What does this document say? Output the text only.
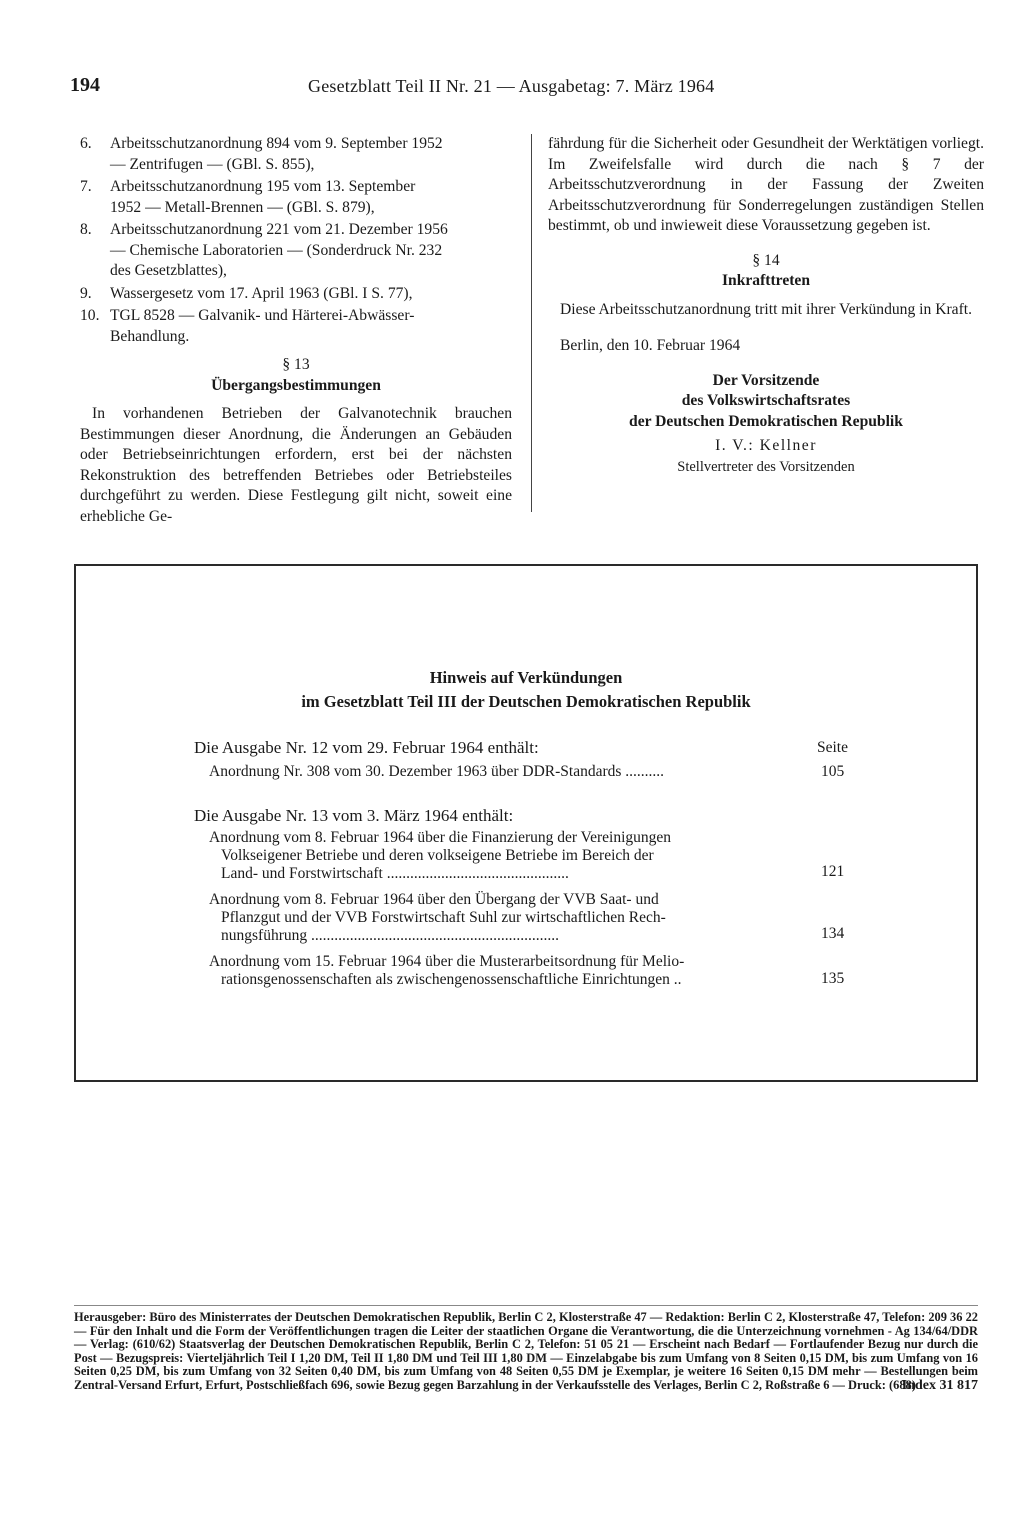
194	Gesetzblatt Teil II Nr. 21 — Ausgabetag: 7. März 1964
6.	Arbeitsschutzanordnung 894 vom 9. September 1952
— Zentrifugen — (GBl. S. 855),
7.	Arbeitsschutzanordnung 195 vom 13. September
1952 — Metall-Brennen — (GBl. S. 879),
8.	Arbeitsschutzanordnung 221 vom 21. Dezember 1956
— Chemische Laboratorien — (Sonderdruck Nr. 232
des Gesetzblattes),
9.	Wassergesetz vom 17. April 1963 (GBl. I S. 77),
10. TGL 8528 — Galvanik- und Härterei-Abwässer-
Behandlung.
§ 13
Übergangsbestimmungen

In vorhandenen Betrieben der Galvanotechnik brauchen Bestimmungen dieser Anordnung, die Änderungen an Gebäuden oder Betriebseinrichtungen erfordern, erst bei der nächsten Rekonstruktion des betreffenden Betriebes oder Betriebsteiles durchgeführt zu werden. Diese Festlegung gilt nicht, soweit eine erhebliche Ge-

fährdung für die Sicherheit oder Gesundheit der Werktätigen vorliegt. Im Zweifelsfalle wird durch die nach § 7 der Arbeitsschutzverordnung in der Fassung der Zweiten Arbeitsschutzverordnung für Sonderregelungen zuständigen Stellen bestimmt, ob und inwieweit diese Voraussetzung gegeben ist.

§ 14
Inkrafttreten

Diese Arbeitsschutzanordnung tritt mit ihrer Verkündung in Kraft.

Berlin, den 10. Februar 1964

Der Vorsitzende
des Volkswirtschaftsrates
der Deutschen Demokratischen Republik
I. V.: Kellner
Stellvertreter des Vorsitzenden
Hinweis auf Verkündungen
im Gesetzblatt Teil III der Deutschen Demokratischen Republik
Seite
Die Ausgabe Nr. 12 vom 29. Februar 1964 enthält:
Anordnung Nr. 308 vom 30. Dezember 1963 über DDR-Standards ..........	105
Die Ausgabe Nr. 13 vom 3. März 1964 enthält:
Anordnung vom 8. Februar 1964 über die Finanzierung der Vereinigungen
Volkseigener Betriebe und deren volkseigene Betriebe im Bereich der
Land- und Forstwirtschaft ...............................................	121
Anordnung vom 8. Februar 1964 über den Übergang der VVB Saat- und
Pflanzgut und der VVB Forstwirtschaft Suhl zur wirtschaftlichen Rech-
nungsführung ................................................................	134
Anordnung vom 15. Februar 1964 über die Musterarbeitsordnung für Melio-
rationsgenossenschaften als zwischengenossenschaftliche Einrichtungen ..	135
Herausgeber: Büro des Ministerrates der Deutschen Demokratischen Republik, Berlin C 2, Klosterstraße 47 — Redaktion: Berlin C 2, Klosterstraße 47, Telefon: 209 36 22 — Für den Inhalt und die Form der Veröffentlichungen tragen die Leiter der staatlichen Organe die Verantwortung, die die Unterzeichnung vornehmen - Ag 134/64/DDR — Verlag: (610/62) Staatsverlag der Deutschen Demokratischen Republik, Berlin C 2, Telefon: 51 05 21 — Erscheint nach Bedarf — Fortlaufender Bezug nur durch die Post — Bezugspreis: Vierteljährlich Teil I 1,20 DM, Teil II 1,80 DM und Teil III 1,80 DM — Einzelabgabe bis zum Umfang von 8 Seiten 0,15 DM, bis zum Umfang von 16 Seiten 0,25 DM, bis zum Umfang von 32 Seiten 0,40 DM, bis zum Umfang von 48 Seiten 0,55 DM je Exemplar, je weitere 16 Seiten 0,15 DM mehr — Bestellungen beim Zentral-Versand Erfurt, Erfurt, Postschließfach 696, sowie Bezug gegen Barzahlung in der Verkaufsstelle des Verlages, Berlin C 2, Roßstraße 6 — Druck: (688)
Index 31 817
